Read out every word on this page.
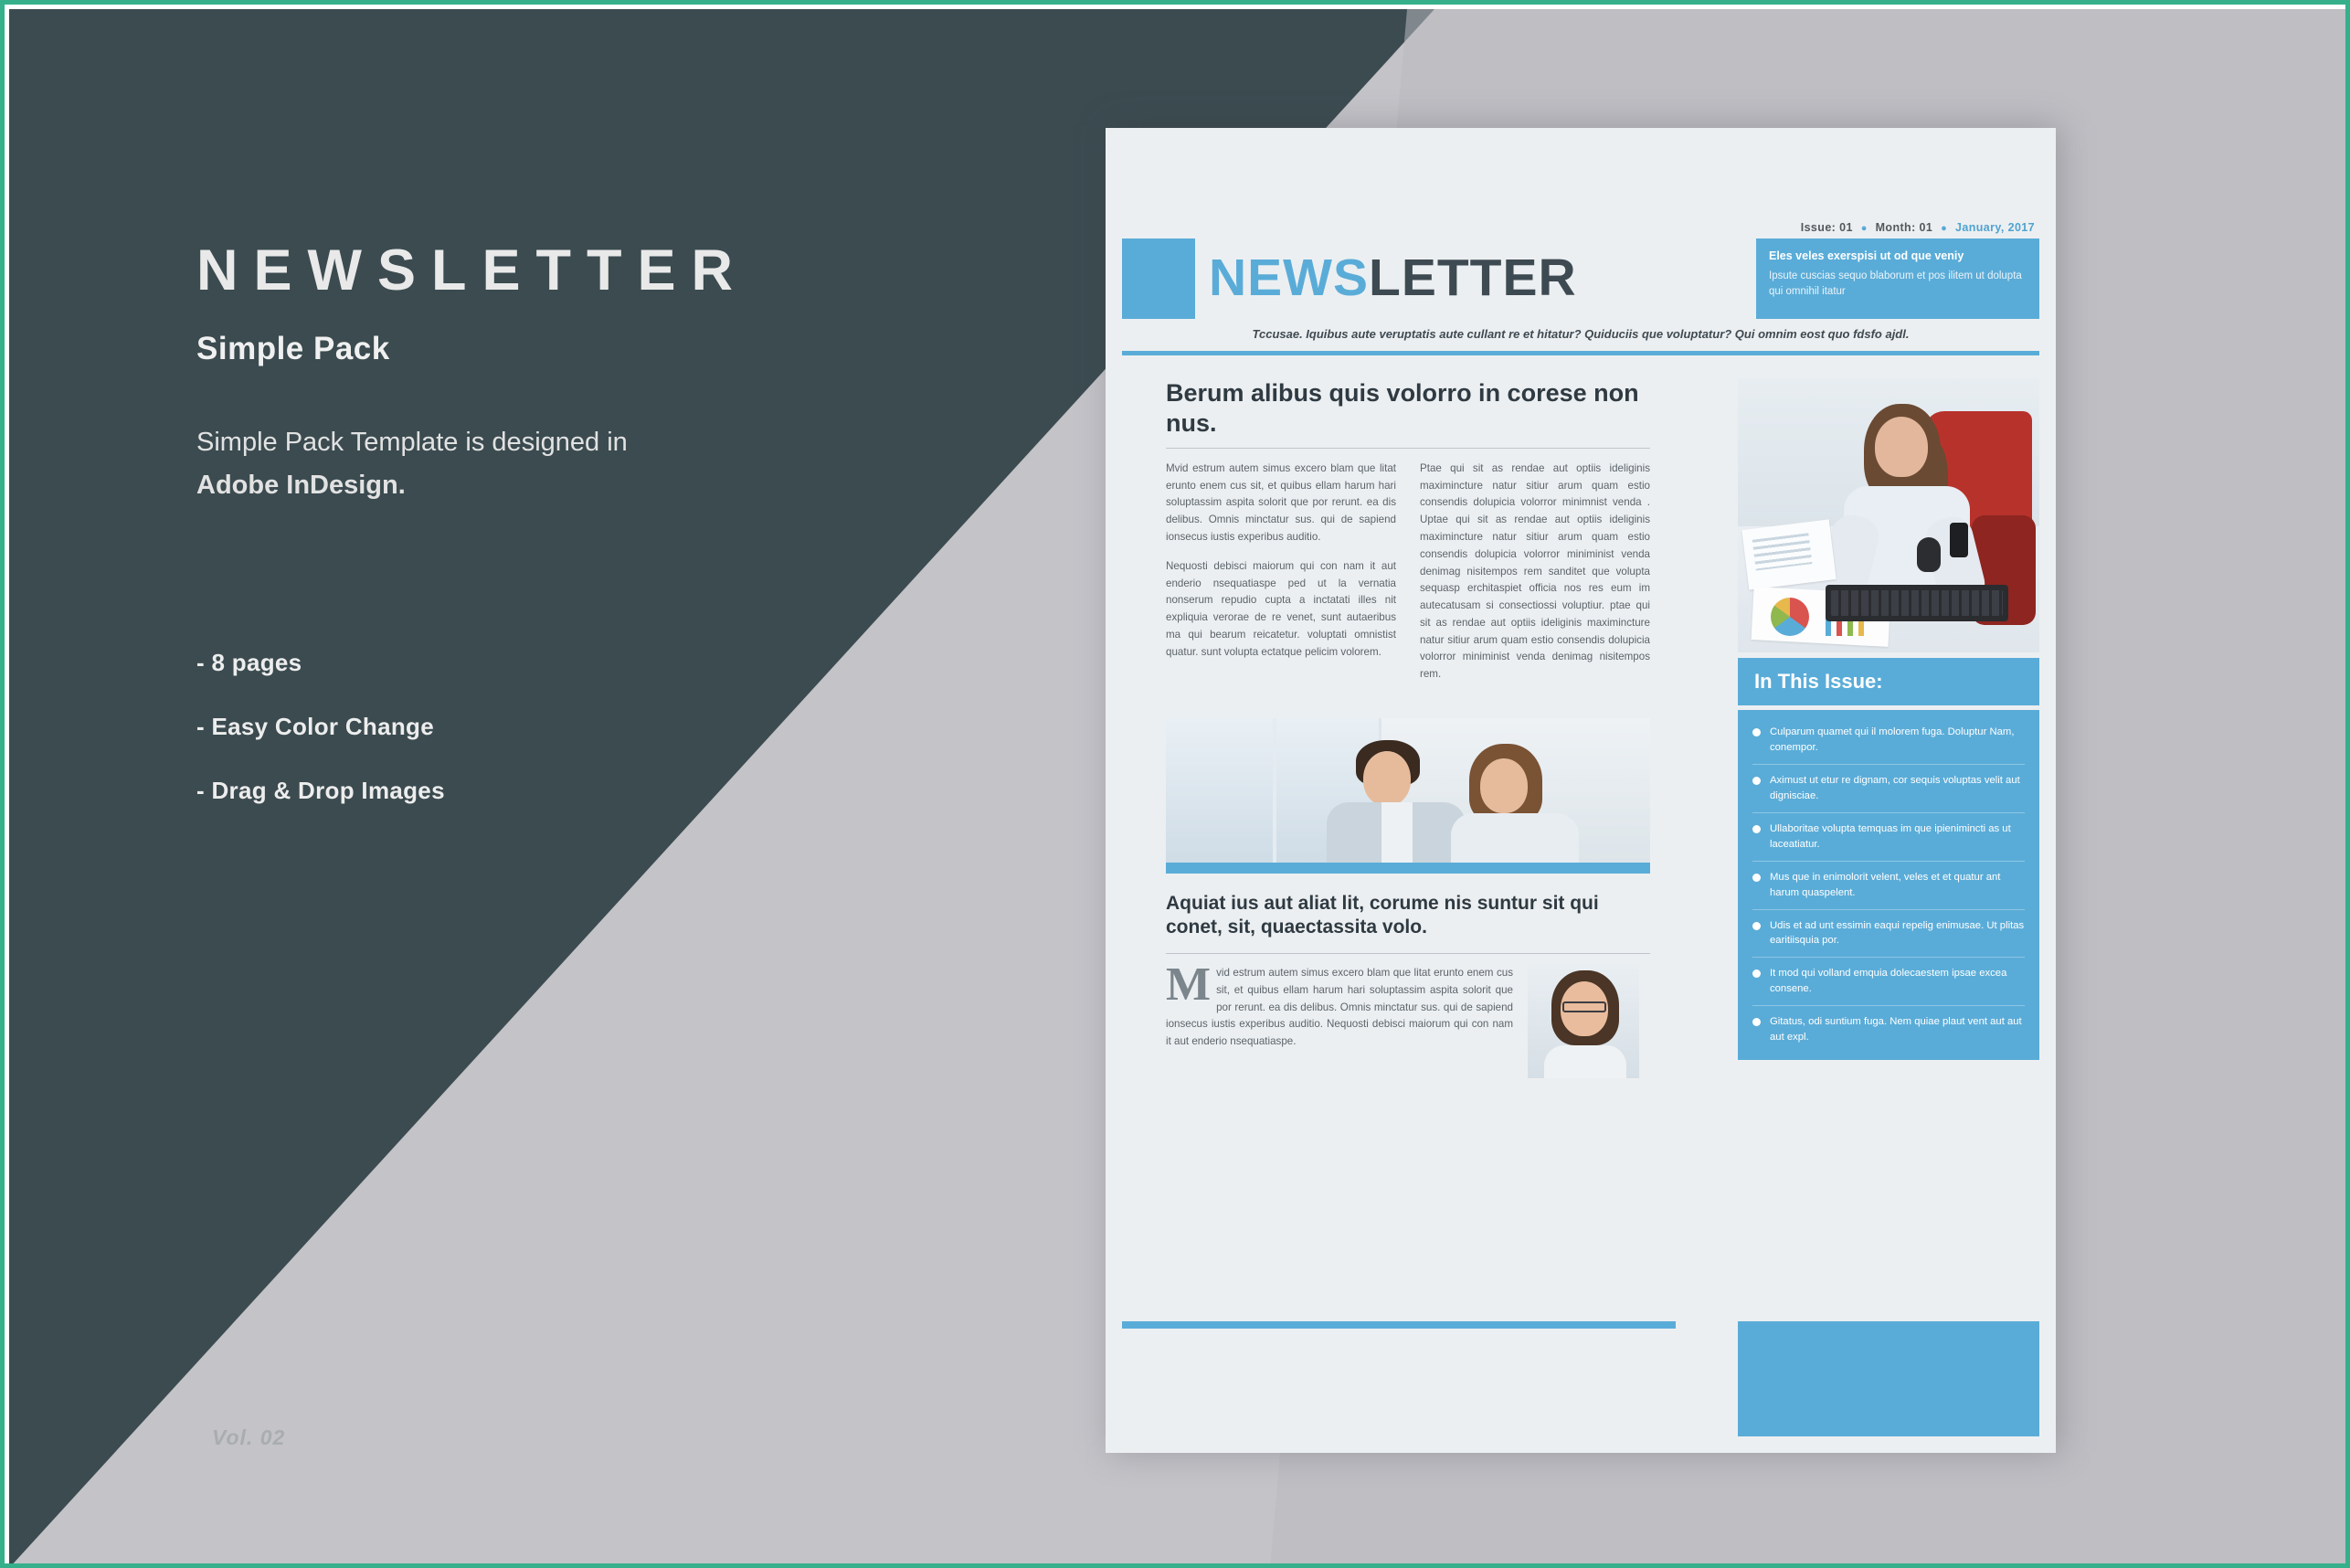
NEWSLETTER
Simple Pack
Simple Pack Template is designed in
Adobe InDesign.
- 8 pages
- Easy Color Change
- Drag & Drop Images
Vol. 02
Issue: 01 ● Month: 01 ● January, 2017
NEWSLETTER	Eles veles exerspisi ut od que veniy
Ipsute cuscias sequo blaborum et pos ilitem ut dolupta qui omnihil itatur
Tccusae. Iquibus aute veruptatis aute cullant re et hitatur? Quiduciis que voluptatur? Qui omnim eost quo fdsfo ajdl.
Berum alibus quis volorro in corese non nus.

Mvid estrum autem simus excero blam que litat erunto enem cus sit, et quibus ellam harum hari soluptassim aspita solorit que por rerunt. ea dis delibus. Omnis minctatur sus. qui de sapiend ionsecus iustis experibus auditio.

Nequosti debisci maiorum qui con nam it aut enderio nsequatiaspe ped ut la vernatia nonserum repudio cupta a inctatati illes nit expliquia verorae de re venet, sunt autaeribus ma qui bearum reicatetur. voluptati omnistist quatur. sunt volupta ectatque pelicim volorem.

Ptae qui sit as rendae aut optiis ideliginis maximincture natur sitiur arum quam estio consendis dolupicia volorror minimnist venda . Uptae qui sit as rendae aut optiis ideliginis maximincture natur sitiur arum quam estio consendis dolupicia volorror miniminist venda denimag nisitempos rem sanditet que volupta sequasp erchitaspiet officia nos res eum im autecatusam si consectiossi voluptiur. ptae qui sit as rendae aut optiis ideliginis maximincture natur sitiur arum quam estio consendis dolupicia volorror miniminist venda denimag nisitempos rem.

Aquiat ius aut aliat lit, corume nis suntur sit qui conet, sit, quaectassita volo.
Mvid estrum autem simus excero blam que litat erunto enem cus sit, et quibus ellam harum hari soluptassim aspita solorit que por rerunt. ea dis delibus. Omnis minctatur sus. qui de sapiend ionsecus iustis experibus auditio. Nequosti debisci maiorum qui con nam it aut enderio nsequatiaspe.
In This Issue:
Culparum quamet qui il molorem fuga. Doluptur Nam, conempor.
Aximust ut etur re dignam, cor sequis voluptas velit aut dignisciae.
Ullaboritae volupta temquas im que ipienimincti as ut laceatiatur.
Mus que in enimolorit velent, veles et et quatur ant harum quaspelent.
Udis et ad unt essimin eaqui repelig enimusae. Ut plitas earitiisquia por.
It mod qui volland emquia dolecaestem ipsae excea consene.
Gitatus, odi suntium fuga. Nem quiae plaut vent aut aut aut expl.
